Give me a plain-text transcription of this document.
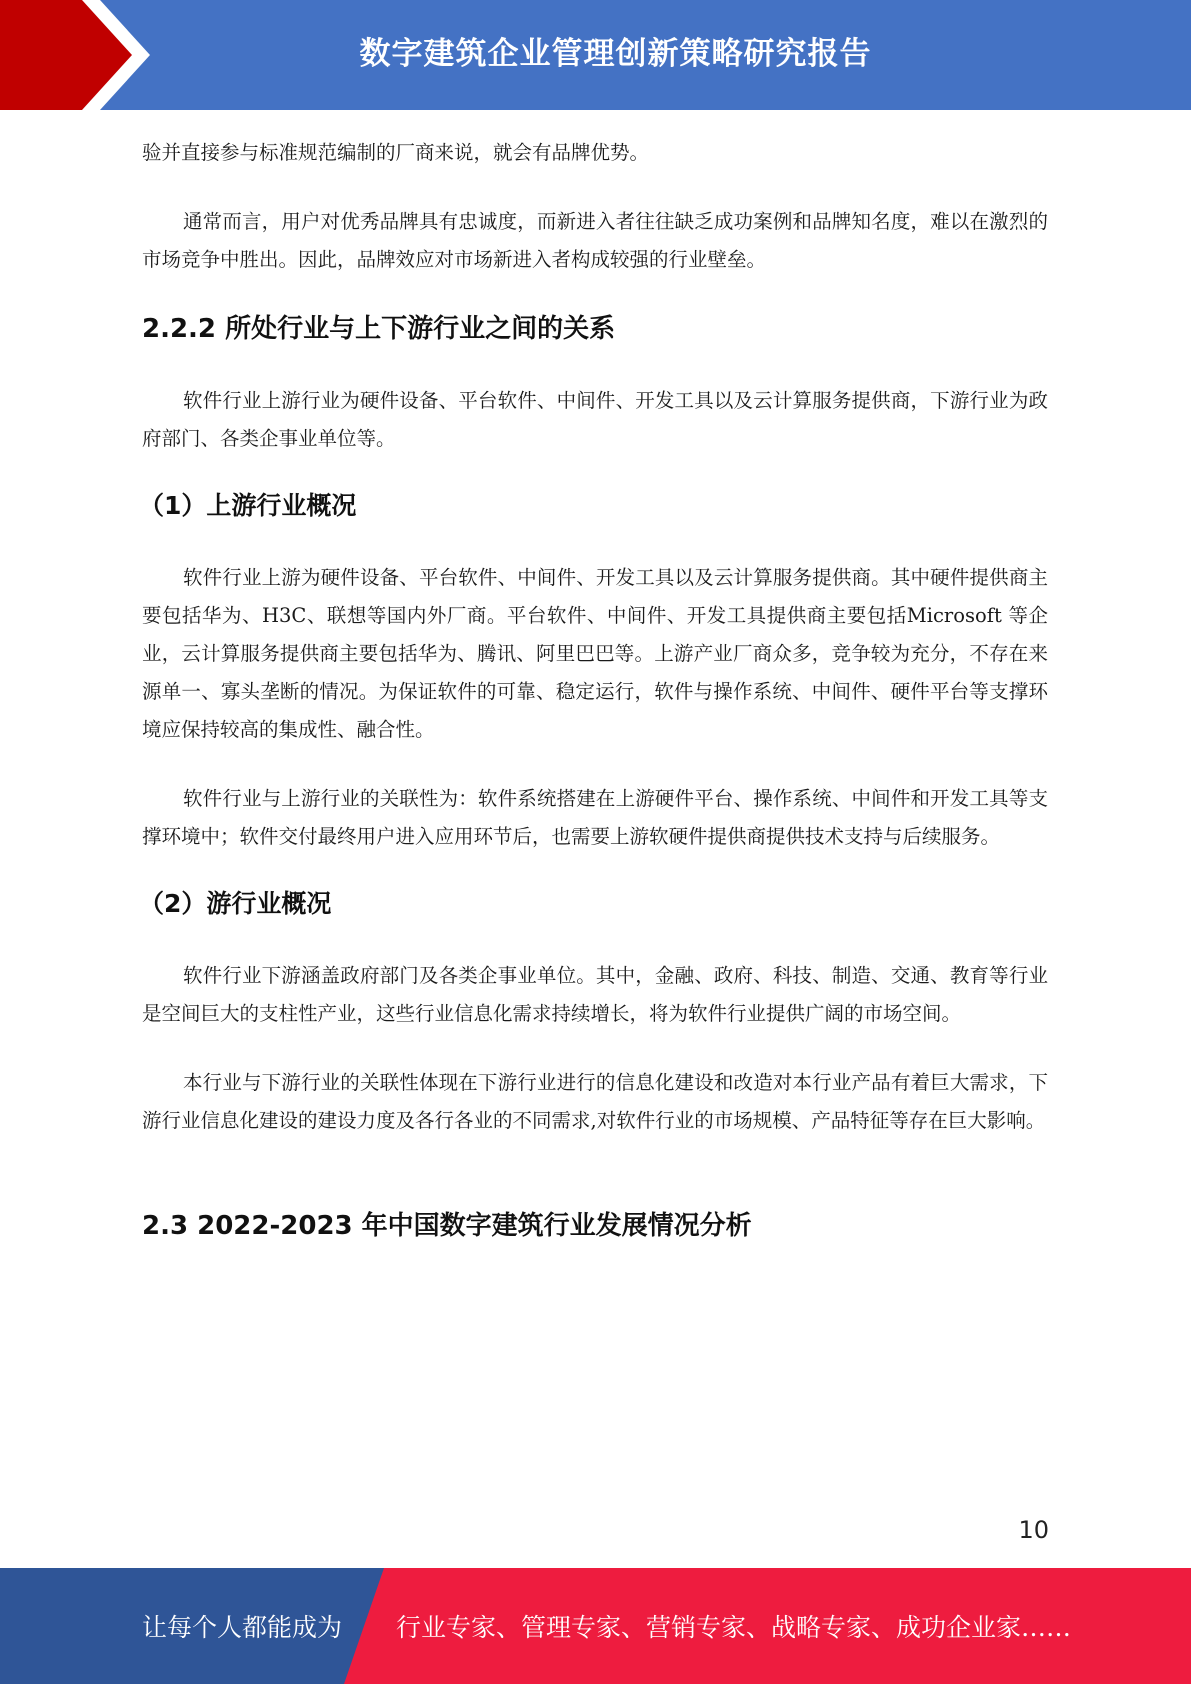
数字建筑企业管理创新策略研究报告

验并直接参与标准规范编制的厂商来说，就会有品牌优势。

通常而言，用户对优秀品牌具有忠诚度，而新进入者往往缺乏成功案例和品牌知名度，难以在激烈的市场竞争中胜出。因此，品牌效应对市场新进入者构成较强的行业壁垒。

2.2.2 所处行业与上下游行业之间的关系

软件行业上游行业为硬件设备、平台软件、中间件、开发工具以及云计算服务提供商，下游行业为政府部门、各类企事业单位等。

（1）上游行业概况

软件行业上游为硬件设备、平台软件、中间件、开发工具以及云计算服务提供商。其中硬件提供商主要包括华为、H3C、联想等国内外厂商。平台软件、中间件、开发工具提供商主要包括Microsoft 等企业，云计算服务提供商主要包括华为、腾讯、阿里巴巴等。上游产业厂商众多，竞争较为充分，不存在来源单一、寡头垄断的情况。为保证软件的可靠、稳定运行，软件与操作系统、中间件、硬件平台等支撑环境应保持较高的集成性、融合性。

软件行业与上游行业的关联性为：软件系统搭建在上游硬件平台、操作系统、中间件和开发工具等支撑环境中；软件交付最终用户进入应用环节后，也需要上游软硬件提供商提供技术支持与后续服务。

（2）游行业概况

软件行业下游涵盖政府部门及各类企事业单位。其中，金融、政府、科技、制造、交通、教育等行业是空间巨大的支柱性产业，这些行业信息化需求持续增长，将为软件行业提供广阔的市场空间。

本行业与下游行业的关联性体现在下游行业进行的信息化建设和改造对本行业产品有着巨大需求，下游行业信息化建设的建设力度及各行各业的不同需求,对软件行业的市场规模、产品特征等存在巨大影响。

2.3 2022-2023 年中国数字建筑行业发展情况分析
10
让每个人都能成为 行业专家、管理专家、营销专家、战略专家、成功企业家……
